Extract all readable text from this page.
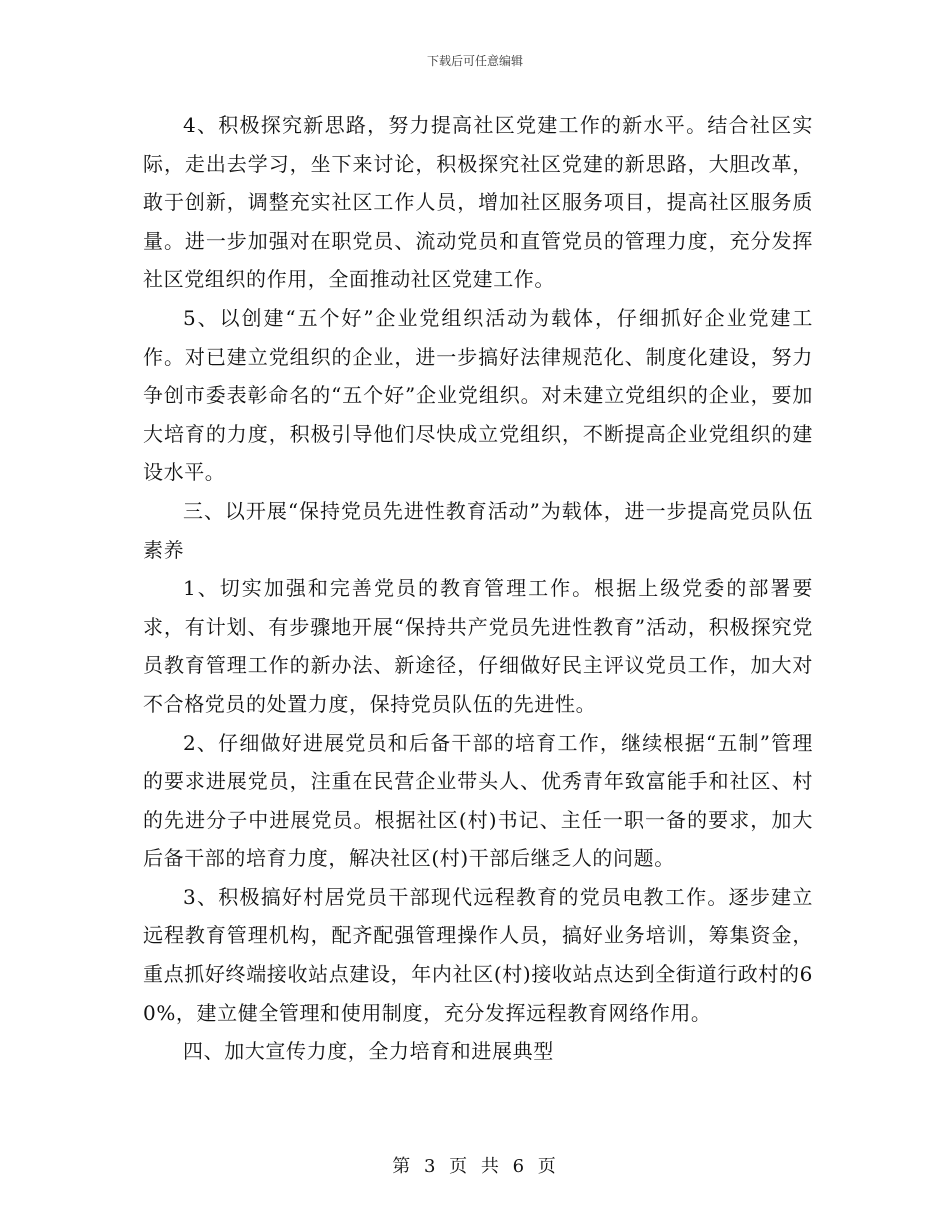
下载后可任意编辑

4、积极探究新思路，努力提高社区党建工作的新水平。结合社区实际，走出去学习，坐下来讨论，积极探究社区党建的新思路，大胆改革，敢于创新，调整充实社区工作人员，增加社区服务项目，提高社区服务质量。进一步加强对在职党员、流动党员和直管党员的管理力度，充分发挥社区党组织的作用，全面推动社区党建工作。

5、以创建“五个好”企业党组织活动为载体，仔细抓好企业党建工作。对已建立党组织的企业，进一步搞好法律规范化、制度化建设，努力争创市委表彰命名的“五个好”企业党组织。对未建立党组织的企业，要加大培育的力度，积极引导他们尽快成立党组织，不断提高企业党组织的建设水平。

三、以开展“保持党员先进性教育活动”为载体，进一步提高党员队伍素养

1、切实加强和完善党员的教育管理工作。根据上级党委的部署要求，有计划、有步骤地开展“保持共产党员先进性教育”活动，积极探究党员教育管理工作的新办法、新途径，仔细做好民主评议党员工作，加大对不合格党员的处置力度，保持党员队伍的先进性。

2、仔细做好进展党员和后备干部的培育工作，继续根据“五制”管理的要求进展党员，注重在民营企业带头人、优秀青年致富能手和社区、村的先进分子中进展党员。根据社区(村)书记、主任一职一备的要求，加大后备干部的培育力度，解决社区(村)干部后继乏人的问题。

3、积极搞好村居党员干部现代远程教育的党员电教工作。逐步建立远程教育管理机构，配齐配强管理操作人员，搞好业务培训，筹集资金，重点抓好终端接收站点建设，年内社区(村)接收站点达到全街道行政村的60%，建立健全管理和使用制度，充分发挥远程教育网络作用。

四、加大宣传力度，全力培育和进展典型

第 3 页 共 6 页
